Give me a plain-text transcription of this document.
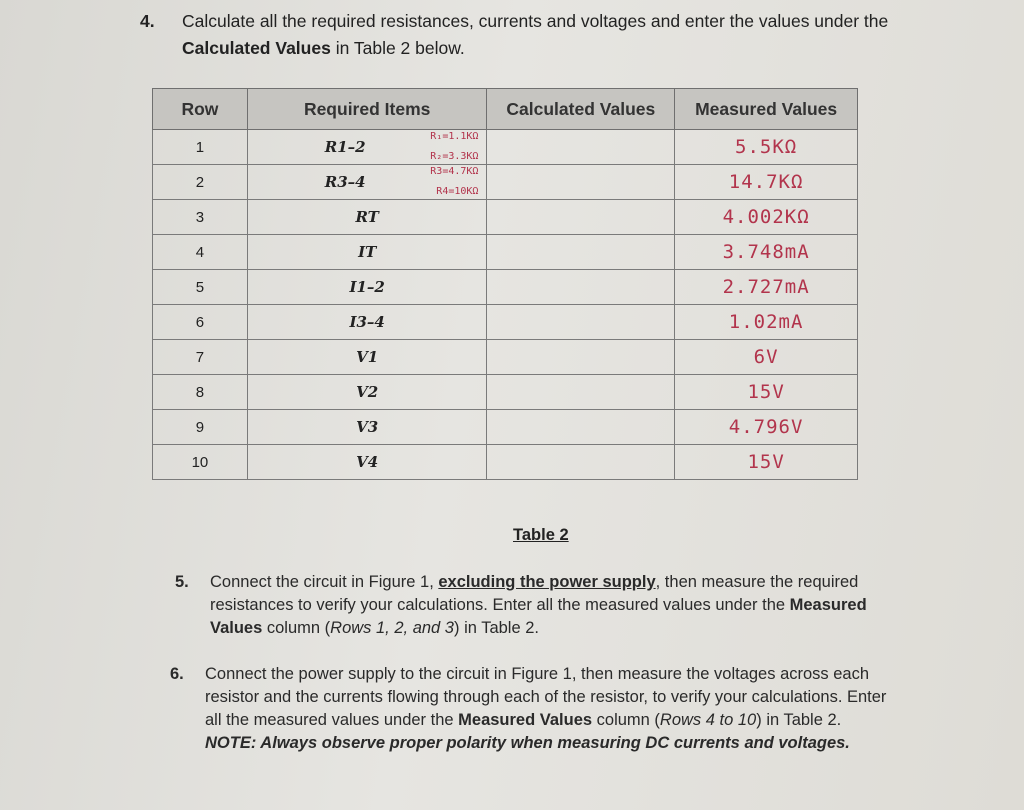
4. Calculate all the required resistances, currents and voltages and enter the values under the Calculated Values in Table 2 below.
Row	Required Items	Calculated Values	Measured Values
1	R1–2
R₁=1.1KΩ
R₂=3.3KΩ		5.5KΩ
2	R3–4
R3=4.7KΩ
R4=10KΩ		14.7KΩ
3	RT		4.002KΩ
4	IT		3.748mA
5	I1–2		2.727mA
6	I3–4		1.02mA
7	V1		6V
8	V2		15V
9	V3		4.796V
10	V4		15V
Table 2
5. Connect the circuit in Figure 1, excluding the power supply, then measure the required resistances to verify your calculations. Enter all the measured values under the Measured Values column (Rows 1, 2, and 3) in Table 2.
6. Connect the power supply to the circuit in Figure 1, then measure the voltages across each resistor and the currents flowing through each of the resistor, to verify your calculations. Enter all the measured values under the Measured Values column (Rows 4 to 10) in Table 2. NOTE: Always observe proper polarity when measuring DC currents and voltages.
